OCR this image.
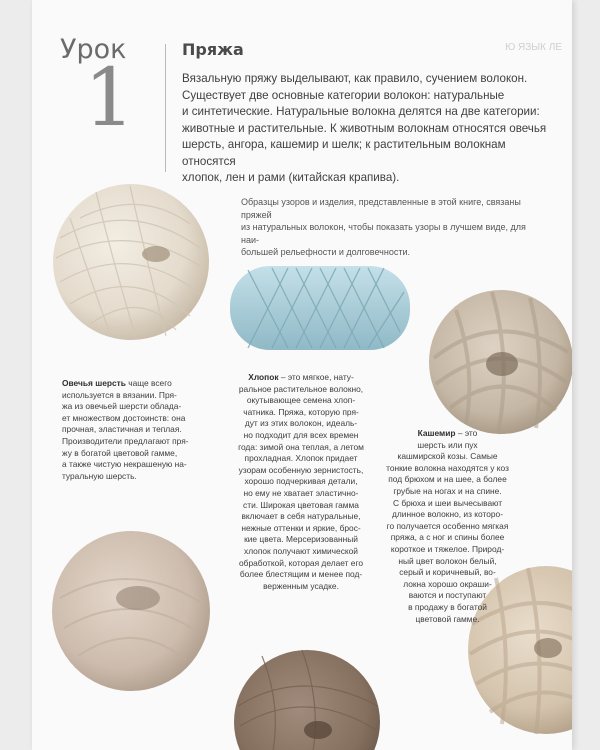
Урок
1
Пряжа	Ю ЯЗЫК ЛЕ
Вязальную пряжу выделывают, как правило, сучением волокон.
Существует две основные категории волокон: натуральные
и синтетические. Натуральные волокна делятся на две категории:
животные и растительные. К животным волокнам относятся овечья
шерсть, ангора, кашемир и шелк; к растительным волокнам относятся
хлопок, лен и рами (китайская крапива).
Образцы узоров и изделия, представленные в этой книге, связаны пряжей
из натуральных волокон, чтобы показать узоры в лучшем виде, для наи-
большей рельефности и долговечности.
Овечья шерсть чаще всего
используется в вязании. Пря-
жа из овечьей шерсти облада-
ет множеством достоинств: она
прочная, эластичная и теплая.
Производители предлагают пря-
жу в богатой цветовой гамме,
а также чистую некрашеную на-
туральную шерсть.
Хлопок – это мягкое, нату-
ральное растительное волокно,
окутывающее семена хлоп-
чатника. Пряжа, которую пря-
дут из этих волокон, идеаль-
но подходит для всех времен
года: зимой она теплая, а летом
прохладная. Хлопок придает
узорам особенную зернистость,
хорошо подчеркивая детали,
но ему не хватает эластично-
сти. Широкая цветовая гамма
включает в себя натуральные,
нежные оттенки и яркие, брос-
кие цвета. Мерсеризованный
хлопок получают химической
обработкой, которая делает его
более блестящим и менее под-
верженным усадке.
Кашемир – это
шерсть или пух
кашмирской козы. Самые
тонкие волокна находятся у коз
под брюхом и на шее, а более
грубые на ногах и на спине.
С брюха и шеи вычесывают
длинное волокно, из которо-
го получается особенно мягкая
пряжа, а с ног и спины более
короткое и тяжелое. Природ-
ный цвет волокон белый,
серый и коричневый, во-
локна хорошо окраши-
ваются и поступают
в продажу в богатой
цветовой гамме.
